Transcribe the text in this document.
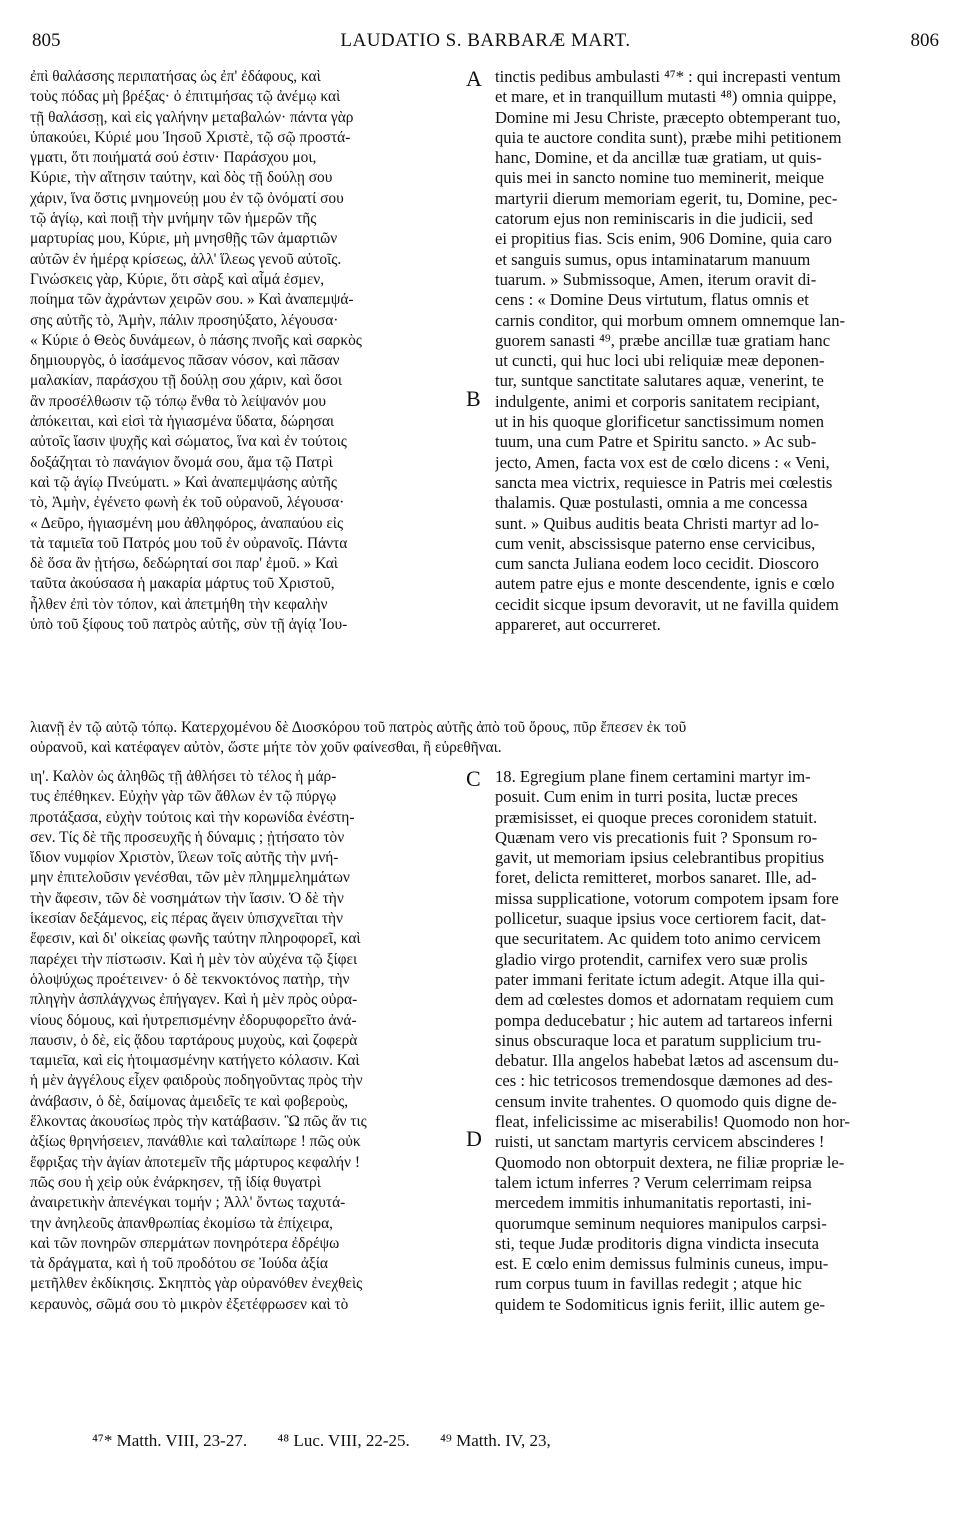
805	LAUDATIO S. BARBARÆ MART.	806
ἐπὶ θαλάσσης περιπατήσας ὡς ἐπ' ἐδάφους, καὶ
τοὺς πόδας μὴ βρέξας· ὁ ἐπιτιμήσας τῷ ἀνέμῳ καὶ
τῇ θαλάσσῃ, καὶ εἰς γαλήνην μεταβαλών· πάντα γὰρ
ὑπακούει, Κύριέ μου Ἰησοῦ Χριστὲ, τῷ σῷ προστά-
γματι, ὅτι ποιήματά σού ἐστιν· Παράσχου μοι,
Κύριε, τὴν αἴτησιν ταύτην, καὶ δὸς τῇ δούλῃ σου
χάριν, ἵνα ὅστις μνημονεύῃ μου ἐν τῷ ὀνόματί σου
τῷ ἁγίῳ, καὶ ποιῇ τὴν μνήμην τῶν ἡμερῶν τῆς
μαρτυρίας μου, Κύριε, μὴ μνησθῇς τῶν ἁμαρτιῶν
αὐτῶν ἐν ἡμέρᾳ κρίσεως, ἀλλ' ἵλεως γενοῦ αὐτοῖς.
Γινώσκεις γὰρ, Κύριε, ὅτι σὰρξ καὶ αἷμά ἐσμεν,
ποίημα τῶν ἀχράντων χειρῶν σου. » Καὶ ἀναπεμψά-
σης αὐτῆς τὸ, Ἀμὴν, πάλιν προσηύξατο, λέγουσα·
« Κύριε ὁ Θεὸς δυνάμεων, ὁ πάσης πνοῆς καὶ σαρκὸς
δημιουργὸς, ὁ ἰασάμενος πᾶσαν νόσον, καὶ πᾶσαν
μαλακίαν, παράσχου τῇ δούλῃ σου χάριν, καὶ ὅσοι
ἂν προσέλθωσιν τῷ τόπῳ ἔνθα τὸ λείψανόν μου
ἀπόκειται, καὶ εἰσὶ τὰ ἡγιασμένα ὕδατα, δώρησαι
αὐτοῖς ἴασιν ψυχῆς καὶ σώματος, ἵνα καὶ ἐν τούτοις
δοξάζηται τὸ πανάγιον ὄνομά σου, ἅμα τῷ Πατρὶ
καὶ τῷ ἁγίῳ Πνεύματι. » Καὶ ἀναπεμψάσης αὐτῆς
τὸ, Ἀμὴν, ἐγένετο φωνὴ ἐκ τοῦ οὐρανοῦ, λέγουσα·
« Δεῦρο, ἡγιασμένη μου ἀθληφόρος, ἀναπαύου εἰς
τὰ ταμιεῖα τοῦ Πατρός μου τοῦ ἐν οὐρανοῖς. Πάντα
δὲ ὅσα ἂν ᾐτήσω, δεδώρηταί σοι παρ' ἐμοῦ. » Καὶ
ταῦτα ἀκούσασα ἡ μακαρία μάρτυς τοῦ Χριστοῦ,
ἦλθεν ἐπὶ τὸν τόπον, καὶ ἀπετμήθη τὴν κεφαλὴν
ὑπὸ τοῦ ξίφους τοῦ πατρὸς αὐτῆς, σὺν τῇ ἁγίᾳ Ἰου-
tinctis pedibus ambulasti ⁴⁷* : qui increpasti ventum
et mare, et in tranquillum mutasti ⁴⁸) omnia quippe,
Domine mi Jesu Christe, præcepto obtemperant tuo,
quia te auctore condita sunt), præbe mihi petitionem
hanc, Domine, et da ancillæ tuæ gratiam, ut quis-
quis mei in sancto nomine tuo meminerit, meique
martyrii dierum memoriam egerit, tu, Domine, pec-
catorum ejus non reminiscaris in die judicii, sed
ei propitius fias. Scis enim, 906 Domine, quia caro
et sanguis sumus, opus intaminatarum manuum
tuarum. » Submissoque, Amen, iterum oravit di-
cens : « Domine Deus virtutum, flatus omnis et
carnis conditor, qui morbum omnem omnemque lan-
guorem sanasti ⁴⁹, præbe ancillæ tuæ gratiam hanc
ut cuncti, qui huc loci ubi reliquiæ meæ deponen-
tur, suntque sanctitate salutares aquæ, venerint, te
indulgente, animi et corporis sanitatem recipiant,
ut in his quoque glorificetur sanctissimum nomen
tuum, una cum Patre et Spiritu sancto. » Ac sub-
jecto, Amen, facta vox est de cœlo dicens : « Veni,
sancta mea victrix, requiesce in Patris mei cœlestis
thalamis. Quæ postulasti, omnia a me concessa
sunt. » Quibus auditis beata Christi martyr ad lo-
cum venit, abscissisque paterno ense cervicibus,
cum sancta Juliana eodem loco cecidit. Dioscoro
autem patre ejus e monte descendente, ignis e cœlo
cecidit sicque ipsum devoravit, ut ne favilla quidem
appareret, aut occurreret.
λιανῇ ἐν τῷ αὐτῷ τόπῳ. Κατερχομένου δὲ Διοσκόρου τοῦ πατρὸς αὐτῆς ἀπὸ τοῦ ὄρους, πῦρ ἔπεσεν ἐκ τοῦ
οὐρανοῦ, καὶ κατέφαγεν αὐτὸν, ὥστε μήτε τὸν χοῦν φαίνεσθαι, ἢ εὑρεθῆναι.
ιη'. Καλὸν ὡς ἀληθῶς τῇ ἀθλήσει τὸ τέλος ἡ μάρ-
τυς ἐπέθηκεν. Εὐχὴν γὰρ τῶν ἄθλων ἐν τῷ πύργῳ
προτάξασα, εὐχὴν τούτοις καὶ τὴν κορωνίδα ἐνέστη-
σεν. Τίς δὲ τῆς προσευχῆς ἡ δύναμις ; ᾐτήσατο τὸν
ἴδιον νυμφίον Χριστὸν, ἵλεων τοῖς αὐτῆς τὴν μνή-
μην ἐπιτελοῦσιν γενέσθαι, τῶν μὲν πλημμελημάτων
τὴν ἄφεσιν, τῶν δὲ νοσημάτων τὴν ἴασιν. Ὁ δὲ τὴν
ἱκεσίαν δεξάμενος, εἰς πέρας ἄγειν ὑπισχνεῖται τὴν
ἔφεσιν, καὶ δι' οἰκείας φωνῆς ταύτην πληροφορεῖ, καὶ
παρέχει τὴν πίστωσιν. Καὶ ἡ μὲν τὸν αὐχένα τῷ ξίφει
ὁλοψύχως προέτεινεν· ὁ δὲ τεκνοκτόνος πατὴρ, τὴν
πληγὴν ἀσπλάγχνως ἐπήγαγεν. Καὶ ἡ μὲν πρὸς οὐρα-
νίους δόμους, καὶ ἠυτρεπισμένην ἐδορυφορεῖτο ἀνά-
παυσιν, ὁ δὲ, εἰς ᾅδου ταρτάρους μυχοὺς, καὶ ζοφερὰ
ταμιεῖα, καὶ εἰς ἡτοιμασμένην κατήγετο κόλασιν. Καὶ
ἡ μὲν ἀγγέλους εἶχεν φαιδροὺς ποδηγοῦντας πρὸς τὴν
ἀνάβασιν, ὁ δὲ, δαίμονας ἀμειδεῖς τε καὶ φοβεροὺς,
ἕλκοντας ἀκουσίως πρὸς τὴν κατάβασιν. Ὢ πῶς ἄν τις
ἀξίως θρηνήσειεν, πανάθλιε καὶ ταλαίπωρε ! πῶς οὐκ
ἔφριξας τὴν ἁγίαν ἀποτεμεῖν τῆς μάρτυρος κεφαλήν !
πῶς σου ἡ χεὶρ οὐκ ἐνάρκησεν, τῇ ἰδίᾳ θυγατρὶ
ἀναιρετικὴν ἀπενέγκαι τομήν ; Ἀλλ' ὄντως ταχυτά-
την ἀνηλεοῦς ἀπανθρωπίας ἐκομίσω τὰ ἐπίχειρα,
καὶ τῶν πονηρῶν σπερμάτων πονηρότερα ἐδρέψω
τὰ δράγματα, καὶ ἡ τοῦ προδότου σε Ἰούδα ἀξία
μετῆλθεν ἐκδίκησις. Σκηπτὸς γὰρ οὐρανόθεν ἐνεχθεὶς
κεραυνὸς, σῶμά σου τὸ μικρὸν ἐξετέφρωσεν καὶ τὸ
18. Egregium plane finem certamini martyr im-
posuit. Cum enim in turri posita, luctæ preces
præmisisset, ei quoque preces coronidem statuit.
Quænam vero vis precationis fuit ? Sponsum ro-
gavit, ut memoriam ipsius celebrantibus propitius
foret, delicta remitteret, morbos sanaret. Ille, ad-
missa supplicatione, votorum compotem ipsam fore
pollicetur, suaque ipsius voce certiorem facit, dat-
que securitatem. Ac quidem toto animo cervicem
gladio virgo protendit, carnifex vero suæ prolis
pater immani feritate ictum adegit. Atque illa qui-
dem ad cœlestes domos et adornatam requiem cum
pompa deducebatur ; hic autem ad tartareos inferni
sinus obscuraque loca et paratum supplicium tru-
debatur. Illa angelos habebat lætos ad ascensum du-
ces : hic tetricosos tremendosque dæmones ad des-
censum invite trahentes. O quomodo quis digne de-
fleat, infelicissime ac miserabilis! Quomodo non hor-
ruisti, ut sanctam martyris cervicem abscinderes !
Quomodo non obtorpuit dextera, ne filiæ propriæ le-
talem ictum inferres ? Verum celerrimam reipsa
mercedem immitis inhumanitatis reportasti, ini-
quorumque seminum nequiores manipulos carpsi-
sti, teque Judæ proditoris digna vindicta insecuta
est. E cœlo enim demissus fulminis cuneus, impu-
rum corpus tuum in favillas redegit ; atque hic
quidem te Sodomiticus ignis feriit, illic autem ge-
A
B
C
D
⁴⁷* Matth. VIII, 23-27. ⁴⁸ Luc. VIII, 22-25. ⁴⁹ Matth. IV, 23,
